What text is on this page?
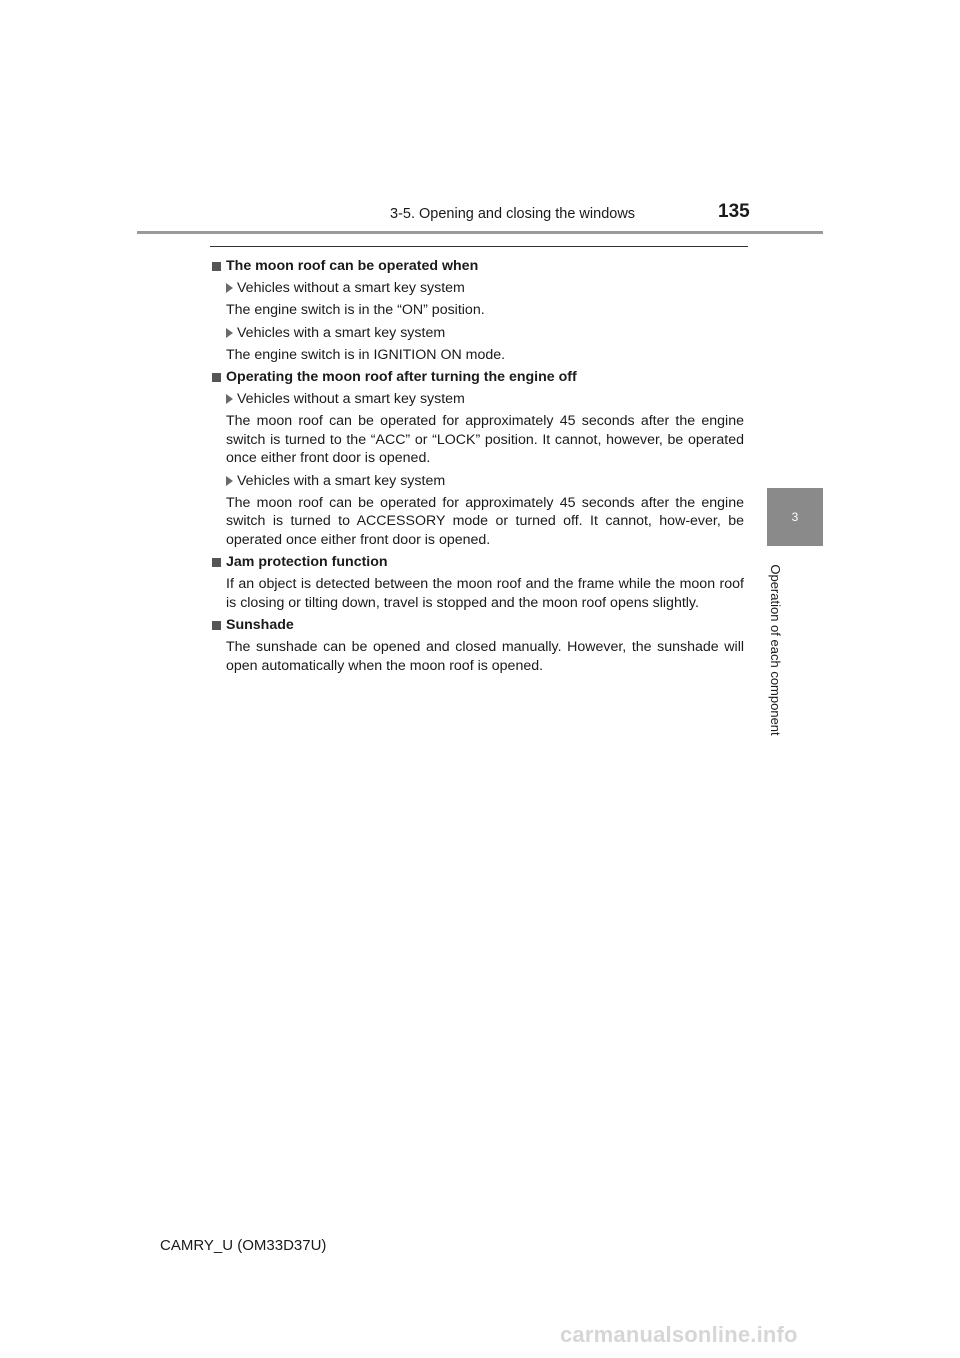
3-5. Opening and closing the windows	135
3
Operation of each component
The moon roof can be operated when
Vehicles without a smart key system
The engine switch is in the “ON” position.
Vehicles with a smart key system
The engine switch is in IGNITION ON mode.
Operating the moon roof after turning the engine off
Vehicles without a smart key system
The moon roof can be operated for approximately 45 seconds after the engine switch is turned to the “ACC” or “LOCK” position. It cannot, however, be operated once either front door is opened.
Vehicles with a smart key system
The moon roof can be operated for approximately 45 seconds after the engine switch is turned to ACCESSORY mode or turned off. It cannot, how-ever, be operated once either front door is opened.
Jam protection function
If an object is detected between the moon roof and the frame while the moon roof is closing or tilting down, travel is stopped and the moon roof opens slightly.
Sunshade
The sunshade can be opened and closed manually. However, the sunshade will open automatically when the moon roof is opened.
CAMRY_U (OM33D37U)
carmanualsonline.info
